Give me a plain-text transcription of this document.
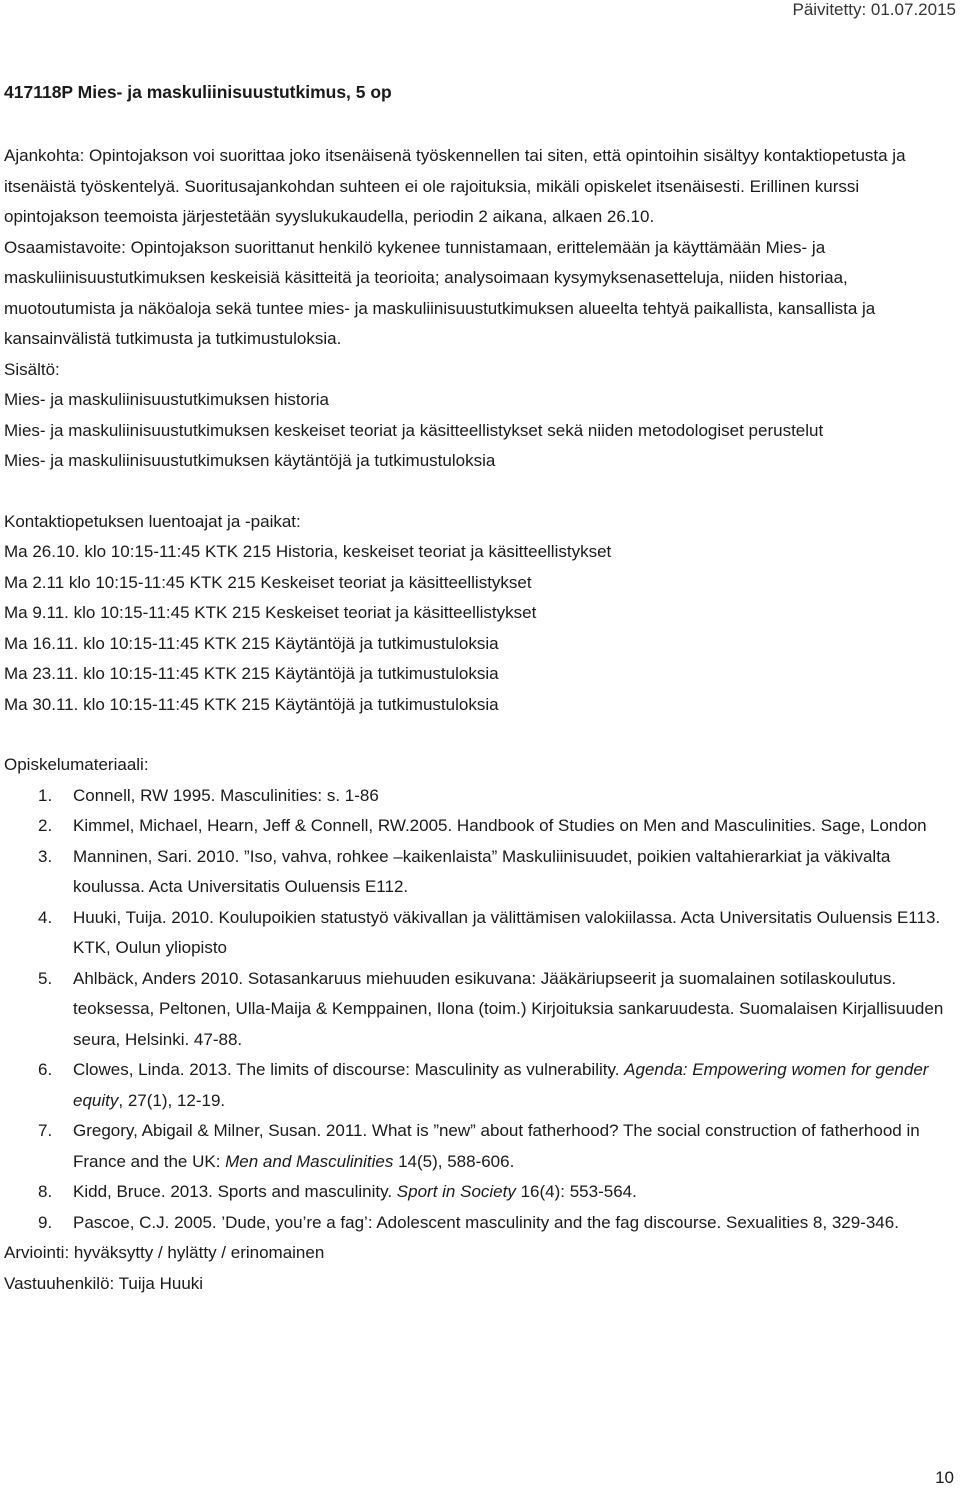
Päivitetty: 01.07.2015
417118P Mies- ja maskuliinisuustutkimus, 5 op

Ajankohta: Opintojakson voi suorittaa joko itsenäisenä työskennellen tai siten, että opintoihin sisältyy kontaktiopetusta ja itsenäistä työskentelyä. Suoritusajankohdan suhteen ei ole rajoituksia, mikäli opiskelet itsenäisesti. Erillinen kurssi opintojakson teemoista järjestetään syyslukukaudella, periodin 2 aikana, alkaen 26.10.

Osaamistavoite: Opintojakson suorittanut henkilö kykenee tunnistamaan, erittelemään ja käyttämään Mies- ja maskuliinisuustutkimuksen keskeisiä käsitteitä ja teorioita; analysoimaan kysymyksenasetteluja, niiden historiaa, muotoutumista ja näköaloja sekä tuntee mies- ja maskuliinisuustutkimuksen alueelta tehtyä paikallista, kansallista ja kansainvälistä tutkimusta ja tutkimustuloksia.

Sisältö:

Mies- ja maskuliinisuustutkimuksen historia

Mies- ja maskuliinisuustutkimuksen keskeiset teoriat ja käsitteellistykset sekä niiden metodologiset perustelut

Mies- ja maskuliinisuustutkimuksen käytäntöjä ja tutkimustuloksia

Kontaktiopetuksen luentoajat ja -paikat:

Ma 26.10. klo 10:15-11:45 KTK 215 Historia, keskeiset teoriat ja käsitteellistykset

Ma 2.11 klo 10:15-11:45 KTK 215 Keskeiset teoriat ja käsitteellistykset

Ma 9.11. klo 10:15-11:45 KTK 215 Keskeiset teoriat ja käsitteellistykset

Ma 16.11. klo 10:15-11:45 KTK 215 Käytäntöjä ja tutkimustuloksia

Ma 23.11. klo 10:15-11:45 KTK 215 Käytäntöjä ja tutkimustuloksia

Ma 30.11. klo 10:15-11:45 KTK 215 Käytäntöjä ja tutkimustuloksia

Opiskelumateriaali:

1. Connell, RW 1995. Masculinities: s. 1-86
2. Kimmel, Michael, Hearn, Jeff & Connell, RW.2005. Handbook of Studies on Men and Masculinities. Sage, London
3. Manninen, Sari. 2010. ”Iso, vahva, rohkee –kaikenlaista” Maskuliinisuudet, poikien valtahierarkiat ja väkivalta koulussa. Acta Universitatis Ouluensis E112.
4. Huuki, Tuija. 2010. Koulupoikien statustyö väkivallan ja välittämisen valokiilassa. Acta Universitatis Ouluensis E113. KTK, Oulun yliopisto
5. Ahlbäck, Anders 2010. Sotasankaruus miehuuden esikuvana: Jääkäriupseerit ja suomalainen sotilaskoulutus. teoksessa, Peltonen, Ulla-Maija & Kemppainen, Ilona (toim.) Kirjoituksia sankaruudesta. Suomalaisen Kirjallisuuden seura, Helsinki. 47-88.
6. Clowes, Linda. 2013. The limits of discourse: Masculinity as vulnerability. Agenda: Empowering women for gender equity, 27(1), 12-19.
7. Gregory, Abigail & Milner, Susan. 2011. What is ”new” about fatherhood? The social construction of fatherhood in France and the UK: Men and Masculinities 14(5), 588-606.
8. Kidd, Bruce. 2013. Sports and masculinity. Sport in Society 16(4): 553-564.
9. Pascoe, C.J. 2005. ’Dude, you’re a fag’: Adolescent masculinity and the fag discourse. Sexualities 8, 329-346.

Arviointi: hyväksytty / hylätty / erinomainen

Vastuuhenkilö: Tuija Huuki

10
